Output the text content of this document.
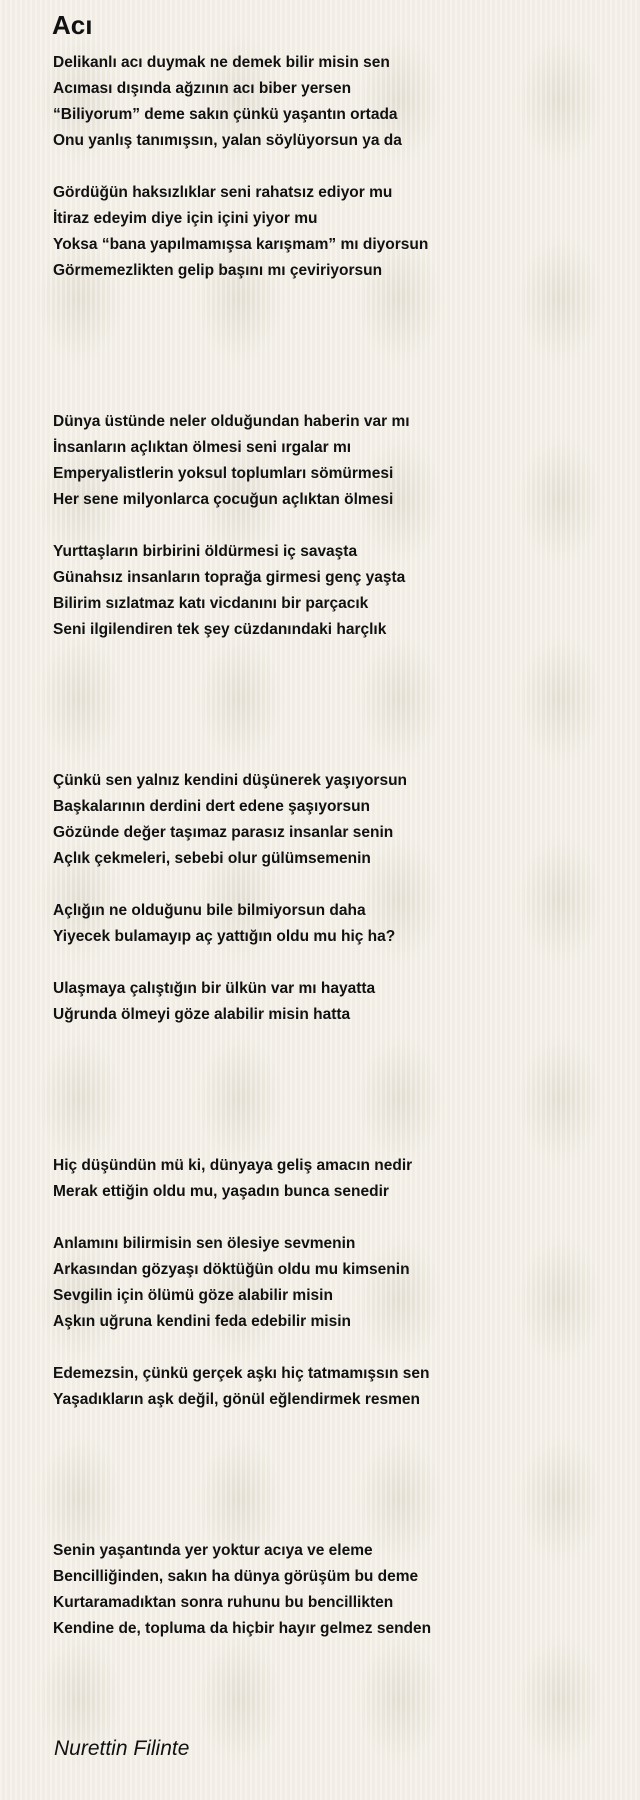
Acı
Delikanlı acı duymak ne demek bilir misin sen
Acıması dışında ağzının acı biber yersen
“Biliyorum” deme sakın çünkü yaşantın ortada
Onu yanlış tanımışsın, yalan söylüyorsun ya da
Gördüğün haksızlıklar seni rahatsız ediyor mu
İtiraz edeyim diye için içini yiyor mu
Yoksa “bana yapılmamışsa karışmam” mı diyorsun
Görmemezlikten gelip başını mı çeviriyorsun
Dünya üstünde neler olduğundan haberin var mı
İnsanların açlıktan ölmesi seni ırgalar mı
Emperyalistlerin yoksul toplumları sömürmesi
Her sene milyonlarca çocuğun açlıktan ölmesi
Yurttaşların birbirini öldürmesi iç savaşta
Günahsız insanların toprağa girmesi genç yaşta
Bilirim sızlatmaz katı vicdanını bir parçacık
Seni ilgilendiren tek şey cüzdanındaki harçlık
Çünkü sen yalnız kendini düşünerek yaşıyorsun
Başkalarının derdini dert edene şaşıyorsun
Gözünde değer taşımaz parasız insanlar senin
Açlık çekmeleri, sebebi olur gülümsemenin
Açlığın ne olduğunu bile bilmiyorsun daha
Yiyecek bulamayıp aç yattığın oldu mu hiç ha?
Ulaşmaya çalıştığın bir ülkün var mı hayatta
Uğrunda ölmeyi göze alabilir misin hatta
Hiç düşündün mü ki, dünyaya geliş amacın nedir
Merak ettiğin oldu mu, yaşadın bunca senedir
Anlamını bilirmisin sen ölesiye sevmenin
Arkasından gözyaşı döktüğün oldu mu kimsenin
Sevgilin için ölümü göze alabilir misin
Aşkın uğruna kendini feda edebilir misin
Edemezsin, çünkü gerçek aşkı hiç tatmamışsın sen
Yaşadıkların aşk değil, gönül eğlendirmek resmen
Senin yaşantında yer yoktur acıya ve eleme
Bencilliğinden, sakın ha dünya görüşüm bu deme
Kurtaramadıktan sonra ruhunu bu bencillikten
Kendine de, topluma da hiçbir hayır gelmez senden

Nurettin Filinte
